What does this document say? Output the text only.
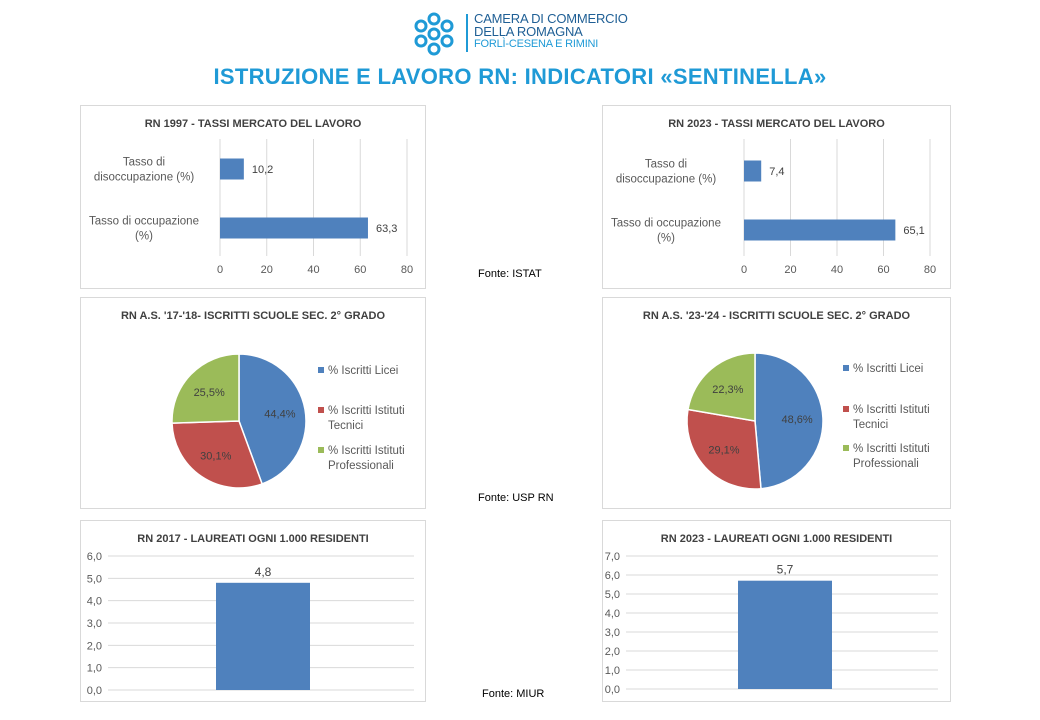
CAMERA DI COMMERCIO
DELLA ROMAGNA
FORLÌ-CESENA E RIMINI
ISTRUZIONE E LAVORO RN: INDICATORI «SENTINELLA»
RN 1997 - TASSI MERCATO DEL LAVORO
0	20	40	60	80
10,2
Tasso di
disoccupazione (%)
63,3
Tasso di occupazione
(%)
RN 2023 - TASSI MERCATO DEL LAVORO
0	20	40	60	80
7,4
Tasso di
disoccupazione (%)
65,1
Tasso di occupazione
(%)
Fonte: ISTAT
RN A.S. '17-'18- ISCRITTI SCUOLE SEC. 2° GRADO
44,4%
30,1%
25,5%
% Iscritti Licei
% Iscritti Istituti
Tecnici
% Iscritti Istituti
Professionali
RN A.S. '23-'24 - ISCRITTI SCUOLE SEC. 2° GRADO
48,6%
29,1%
22,3%
% Iscritti Licei
% Iscritti Istituti
Tecnici
% Iscritti Istituti
Professionali
Fonte: USP RN
RN 2017 - LAUREATI OGNI 1.000 RESIDENTI
0,0
1,0
2,0
3,0
4,0
5,0
6,0
4,8
RN 2023 - LAUREATI OGNI 1.000 RESIDENTI
0,0
1,0
2,0
3,0
4,0
5,0
6,0
7,0
5,7
Fonte: MIUR
